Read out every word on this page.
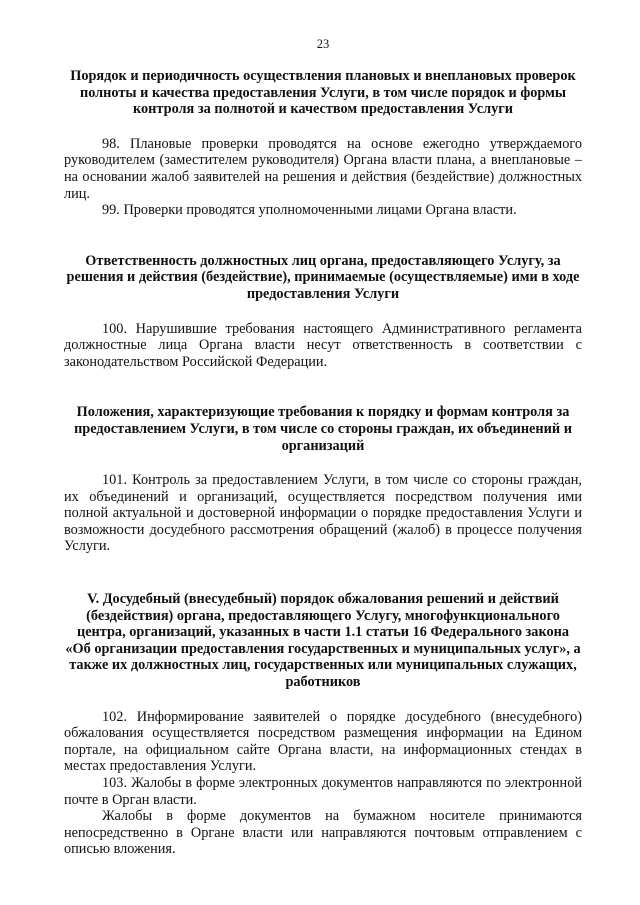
23

Порядок и периодичность осуществления плановых и внеплановых проверок полноты и качества предоставления Услуги, в том числе порядок и формы контроля за полнотой и качеством предоставления Услуги

98. Плановые проверки проводятся на основе ежегодно утверждаемого руководителем (заместителем руководителя) Органа власти плана, а внеплановые – на основании жалоб заявителей на решения и действия (бездействие) должностных лиц.

99. Проверки проводятся уполномоченными лицами Органа власти.

Ответственность должностных лиц органа, предоставляющего Услугу, за решения и действия (бездействие), принимаемые (осуществляемые) ими в ходе предоставления Услуги

100. Нарушившие требования настоящего Административного регламента должностные лица Органа власти несут ответственность в соответствии с законодательством Российской Федерации.

Положения, характеризующие требования к порядку и формам контроля за предоставлением Услуги, в том числе со стороны граждан, их объединений и организаций

101. Контроль за предоставлением Услуги, в том числе со стороны граждан, их объединений и организаций, осуществляется посредством получения ими полной актуальной и достоверной информации о порядке предоставления Услуги и возможности досудебного рассмотрения обращений (жалоб) в процессе получения Услуги.

V. Досудебный (внесудебный) порядок обжалования решений и действий (бездействия) органа, предоставляющего Услугу, многофункционального центра, организаций, указанных в части 1.1 статьи 16 Федерального закона «Об организации предоставления государственных и муниципальных услуг», а также их должностных лиц, государственных или муниципальных служащих, работников

102. Информирование заявителей о порядке досудебного (внесудебного) обжалования осуществляется посредством размещения информации на Едином портале, на официальном сайте Органа власти, на информационных стендах в местах предоставления Услуги.

103. Жалобы в форме электронных документов направляются по электронной почте в Орган власти.

Жалобы в форме документов на бумажном носителе принимаются непосредственно в Органе власти или направляются почтовым отправлением с описью вложения.
